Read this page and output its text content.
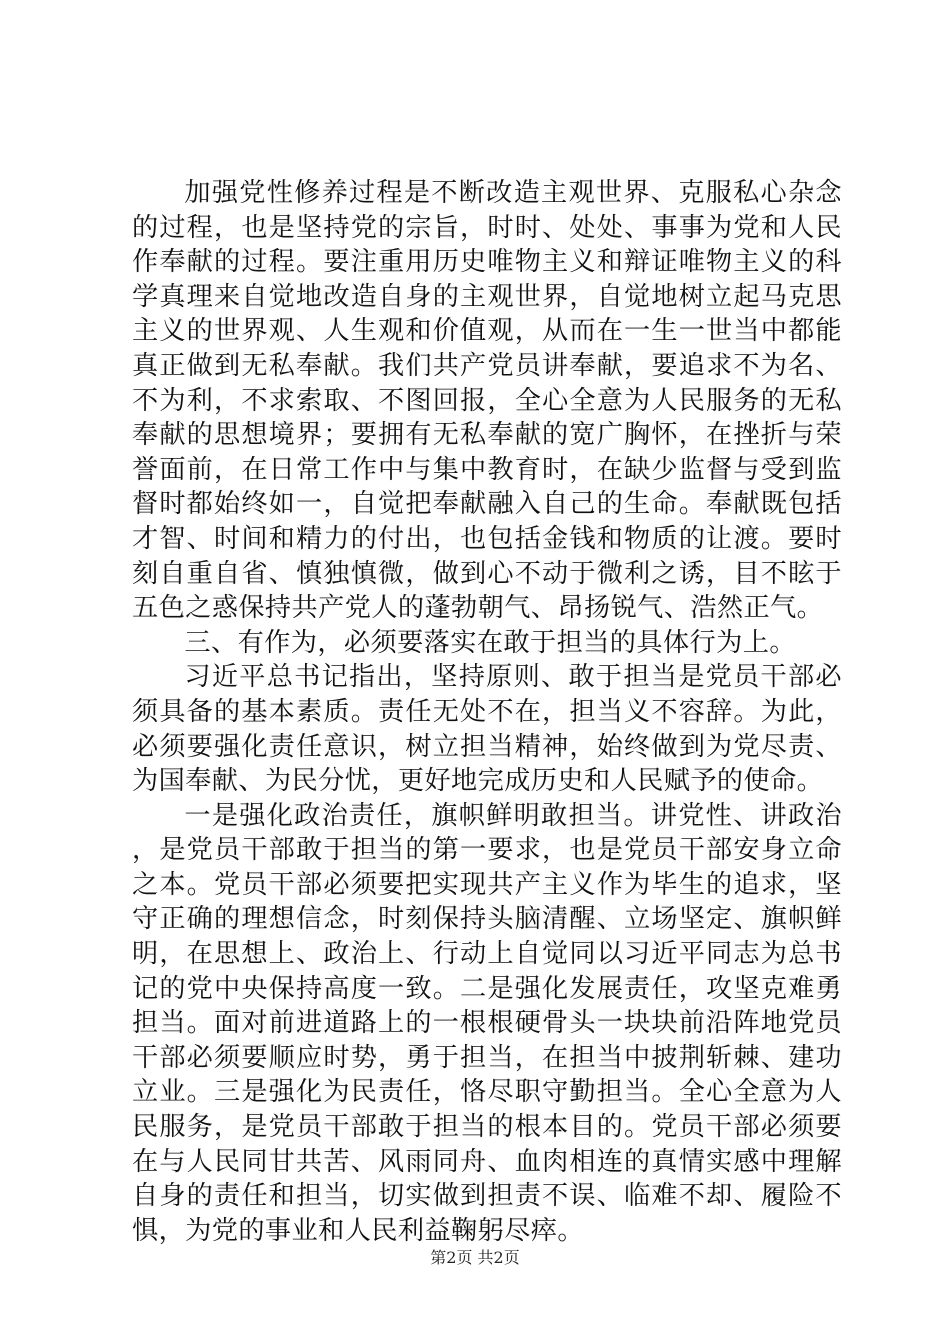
加强党性修养过程是不断改造主观世界、克服私心杂念的过程，也是坚持党的宗旨，时时、处处、事事为党和人民作奉献的过程。要注重用历史唯物主义和辩证唯物主义的科学真理来自觉地改造自身的主观世界，自觉地树立起马克思主义的世界观、人生观和价值观，从而在一生一世当中都能真正做到无私奉献。我们共产党员讲奉献，要追求不为名、不为利，不求索取、不图回报，全心全意为人民服务的无私奉献的思想境界；要拥有无私奉献的宽广胸怀，在挫折与荣誉面前，在日常工作中与集中教育时，在缺少监督与受到监督时都始终如一，自觉把奉献融入自己的生命。奉献既包括才智、时间和精力的付出，也包括金钱和物质的让渡。要时刻自重自省、慎独慎微，做到心不动于微利之诱，目不眩于五色之惑保持共产党人的蓬勃朝气、昂扬锐气、浩然正气。

三、有作为，必须要落实在敢于担当的具体行为上。

习近平总书记指出，坚持原则、敢于担当是党员干部必须具备的基本素质。责任无处不在，担当义不容辞。为此，必须要强化责任意识，树立担当精神，始终做到为党尽责、为国奉献、为民分忧，更好地完成历史和人民赋予的使命。

一是强化政治责任，旗帜鲜明敢担当。讲党性、讲政治，是党员干部敢于担当的第一要求，也是党员干部安身立命之本。党员干部必须要把实现共产主义作为毕生的追求，坚守正确的理想信念，时刻保持头脑清醒、立场坚定、旗帜鲜明，在思想上、政治上、行动上自觉同以习近平同志为总书记的党中央保持高度一致。二是强化发展责任，攻坚克难勇担当。面对前进道路上的一根根硬骨头一块块前沿阵地党员干部必须要顺应时势，勇于担当，在担当中披荆斩棘、建功立业。三是强化为民责任，恪尽职守勤担当。全心全意为人民服务，是党员干部敢于担当的根本目的。党员干部必须要在与人民同甘共苦、风雨同舟、血肉相连的真情实感中理解自身的责任和担当，切实做到担责不误、临难不却、履险不惧，为党的事业和人民利益鞠躬尽瘁。

第2页 共2页
